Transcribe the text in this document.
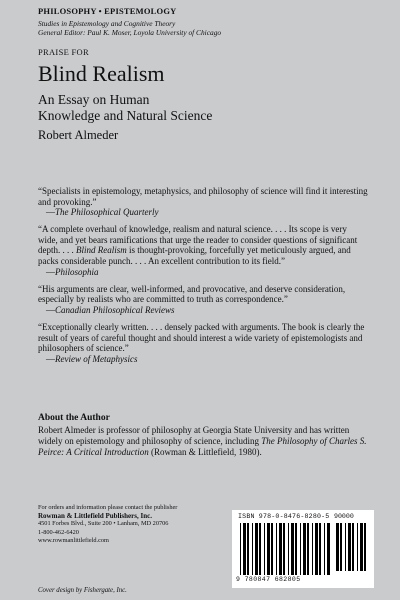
PHILOSOPHY • EPISTEMOLOGY
Studies in Epistemology and Cognitive Theory
General Editor: Paul K. Moser, Loyola University of Chicago
PRAISE FOR
Blind Realism
An Essay on Human
Knowledge and Natural Science
Robert Almeder
“Specialists in epistemology, metaphysics, and philosophy of science will find it interesting and provoking.”
— The Philosophical Quarterly
“A complete overhaul of knowledge, realism and natural science. . . . Its scope is very wide, and yet bears ramifications that urge the reader to consider questions of significant depth. . . . Blind Realism is thought-provoking, forcefully yet meticulously argued, and packs considerable punch. . . . An excellent contribution to its field.”
— Philosophia
“His arguments are clear, well-informed, and provocative, and deserve consideration, especially by realists who are committed to truth as correspondence.”
— Canadian Philosophical Reviews
“Exceptionally clearly written. . . . densely packed with arguments. The book is clearly the result of years of careful thought and should interest a wide variety of epistemologists and philosophers of science.”
— Review of Metaphysics
About the Author
Robert Almeder is professor of philosophy at Georgia State University and has written widely on epistemology and philosophy of science, including The Philosophy of Charles S. Peirce: A Critical Introduction (Rowman & Littlefield, 1980).
For orders and information please contact the publisher
Rowman & Littlefield Publishers, Inc.
4501 Forbes Blvd., Suite 200 • Lanham, MD 20706
1-800-462-6420
www.rowmanlittlefield.com
ISBN 978-0-8476-8280-5 90000
9 780847 682805
Cover design by Fishergate, Inc.
